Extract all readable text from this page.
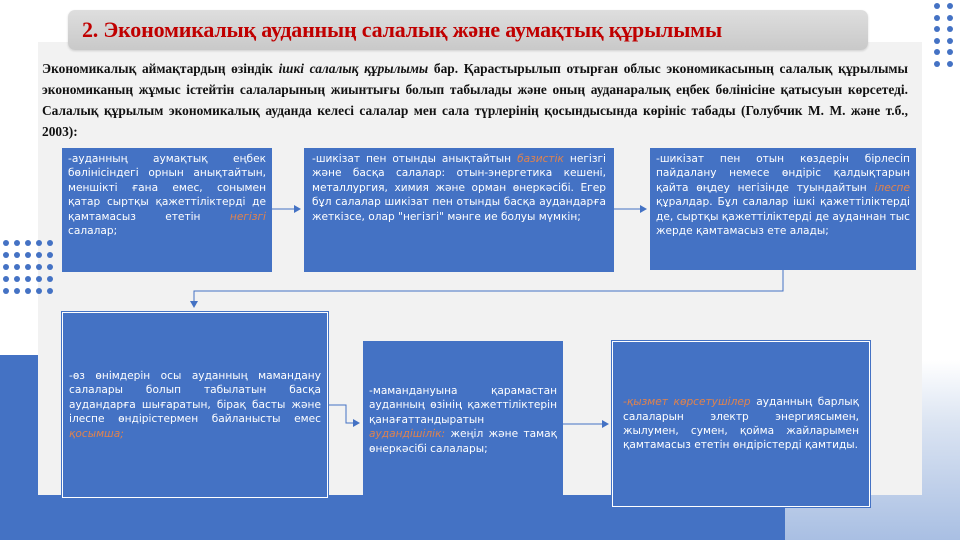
2. Экономикалық ауданның салалық және аумақтық құрылымы

Экономикалық аймақтардың өзіндік ішкі салалық құрылымы бар. Қарастырылып отырған облыс экономикасының салалық құрылымы экономиканың жұмыс істейтін салаларының жиынтығы болып табылады және оның ауданаралық еңбек бөлінісіне қатысуын көрсетеді. Салалық құрылым экономикалық ауданда келесі салалар мен сала түрлерінің қосындысында көрініс табады (Голубчик М. М. және т.б., 2003):

-ауданның аумақтық еңбек бөлінісіндегі орнын анықтайтын, меншікті ғана емес, сонымен қатар сыртқы қажеттіліктерді де қамтамасыз ететін негізгі салалар;
-шикізат пен отынды анықтайтын базистік негізгі және басқа салалар: отын-энергетика кешені, металлургия, химия және орман өнеркәсібі. Егер бұл салалар шикізат пен отынды басқа аудандарға жеткізсе, олар "негізгі" мәнге ие болуы мүмкін;
-шикізат пен отын көздерін бірлесіп пайдалану немесе өндіріс қалдықтарын қайта өңдеу негізінде туындайтын ілеспе құралдар. Бұл салалар ішкі қажеттіліктерді де, сыртқы қажеттіліктерді де ауданнан тыс жерде қамтамасыз ете алады;
-өз өнімдерін осы ауданның мамандану салалары болып табылатын басқа аудандарға шығаратын, бірақ басты және ілеспе өндірістермен байланысты емес қосымша;
-мамандануына қарамастан ауданның өзінің қажеттіліктерін қанағаттандыратын аудандішілік: жеңіл және тамақ өнеркәсібі салалары;
-қызмет көрсетушілер ауданның барлық салаларын электр энергиясымен, жылумен, сумен, қойма жайларымен қамтамасыз ететін өндірістерді қамтиды.
